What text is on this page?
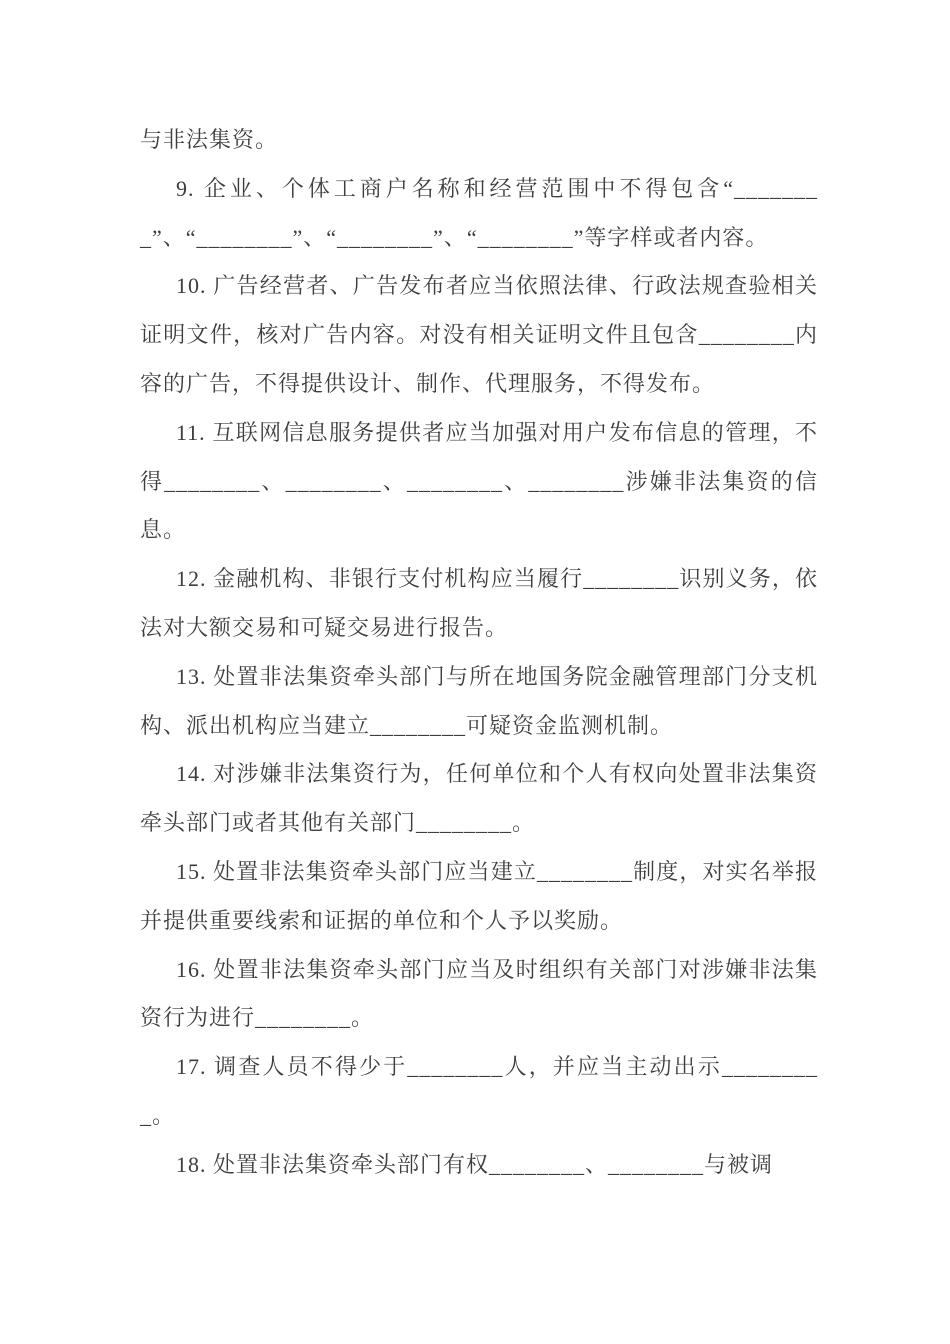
与非法集资。

9. 企业、个体工商户名称和经营范围中不得包含“________”、“________”、“________”、“________”等字样或者内容。

10. 广告经营者、广告发布者应当依照法律、行政法规查验相关证明文件，核对广告内容。对没有相关证明文件且包含________内容的广告，不得提供设计、制作、代理服务，不得发布。

11. 互联网信息服务提供者应当加强对用户发布信息的管理，不得________、________、________、________涉嫌非法集资的信息。

12. 金融机构、非银行支付机构应当履行________识别义务，依法对大额交易和可疑交易进行报告。

13. 处置非法集资牵头部门与所在地国务院金融管理部门分支机构、派出机构应当建立________可疑资金监测机制。

14. 对涉嫌非法集资行为，任何单位和个人有权向处置非法集资牵头部门或者其他有关部门________。

15. 处置非法集资牵头部门应当建立________制度，对实名举报并提供重要线索和证据的单位和个人予以奖励。

16. 处置非法集资牵头部门应当及时组织有关部门对涉嫌非法集资行为进行________。

17. 调查人员不得少于________人，并应当主动出示_________。

18. 处置非法集资牵头部门有权________、________与被调
